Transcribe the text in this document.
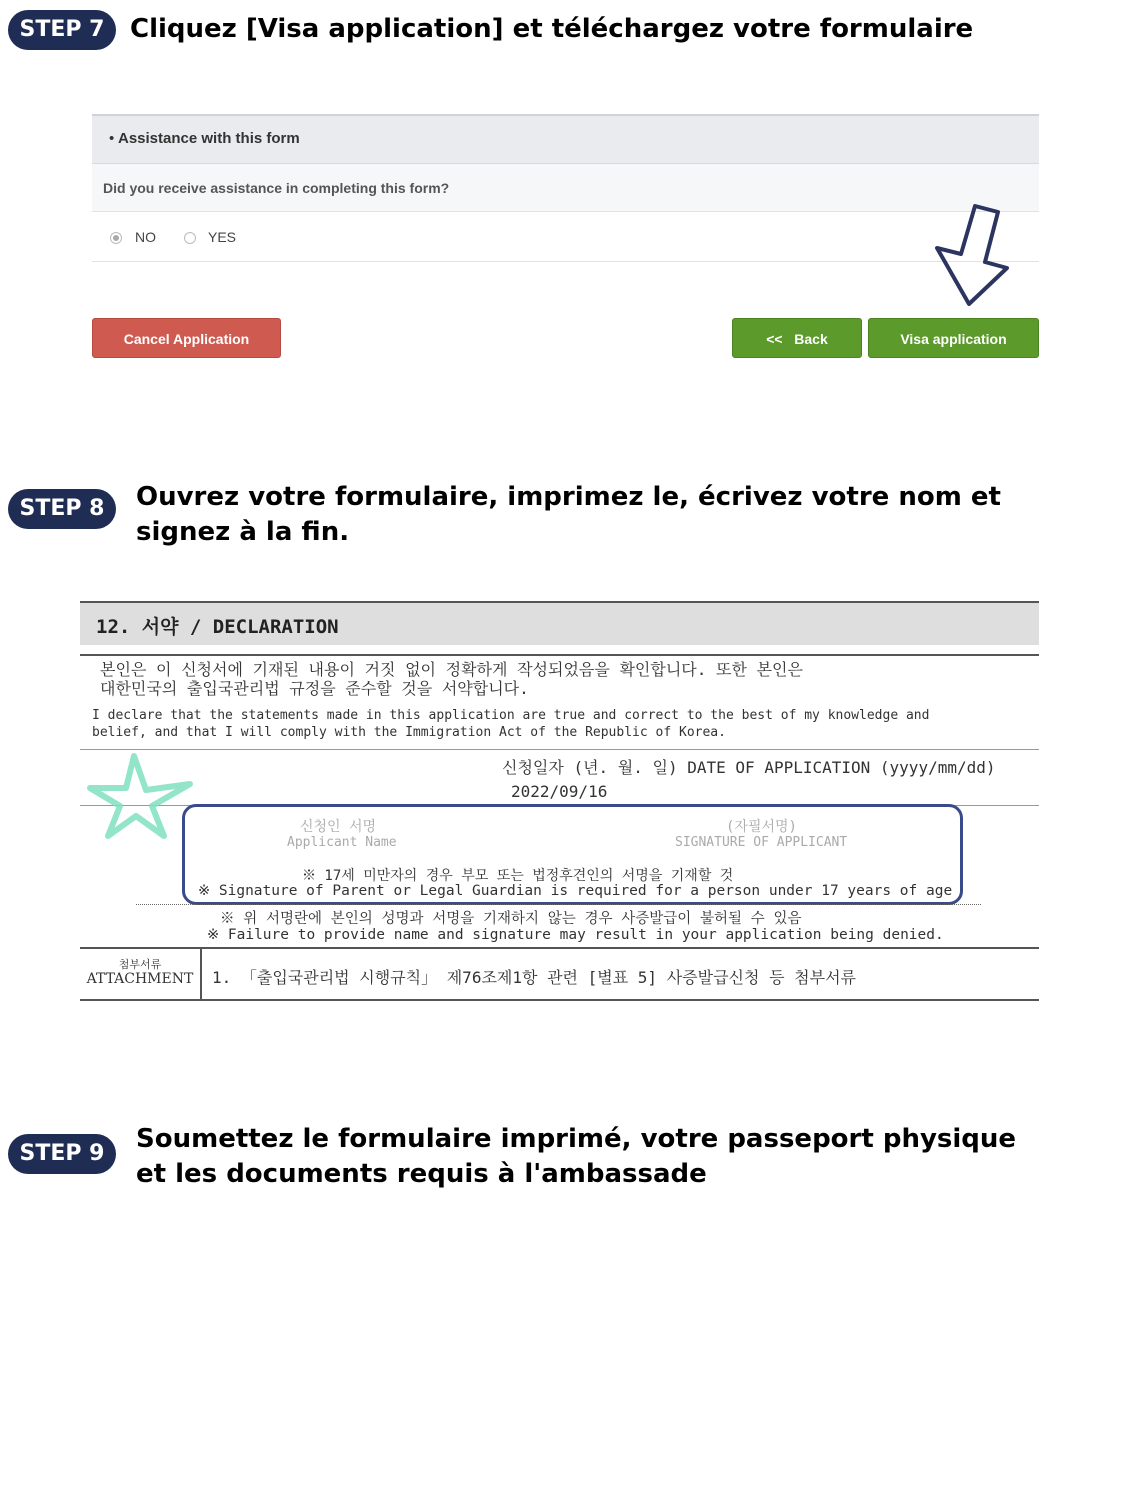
STEP 7 Cliquez [Visa application] et téléchargez votre formulaire
• Assistance with this form
Did you receive assistance in completing this form?
NO	YES
Cancel Application	<<   Back	Visa application
STEP 8	Ouvrez votre formulaire, imprimez le, écrivez votre nom et
signez à la fin.
12. 서약 / DECLARATION
본인은 이 신청서에 기재된 내용이 거짓 없이 정확하게 작성되었음을 확인합니다. 또한 본인은
대한민국의 출입국관리법 규정을 준수할 것을 서약합니다.
I declare that the statements made in this application are true and correct to the best of my knowledge and
belief, and that I will comply with the Immigration Act of the Republic of Korea.
신청일자 (년. 월. 일) DATE OF APPLICATION (yyyy/mm/dd)
2022/09/16
신청인 서명
Applicant Name
(자필서명)
SIGNATURE OF APPLICANT
※ 17세 미만자의 경우 부모 또는 법정후견인의 서명을 기재할 것
※ Signature of Parent or Legal Guardian is required for a person under 17 years of age
※ 위 서명란에 본인의 성명과 서명을 기재하지 않는 경우 사증발급이 불허될 수 있음
※ Failure to provide name and signature may result in your application being denied.
첨부서류
ATTACHMENT	1. 「출입국관리법 시행규칙」 제76조제1항 관련 [별표 5] 사증발급신청 등 첨부서류
STEP 9	Soumettez le formulaire imprimé, votre passeport physique
et les documents requis à l'ambassade
